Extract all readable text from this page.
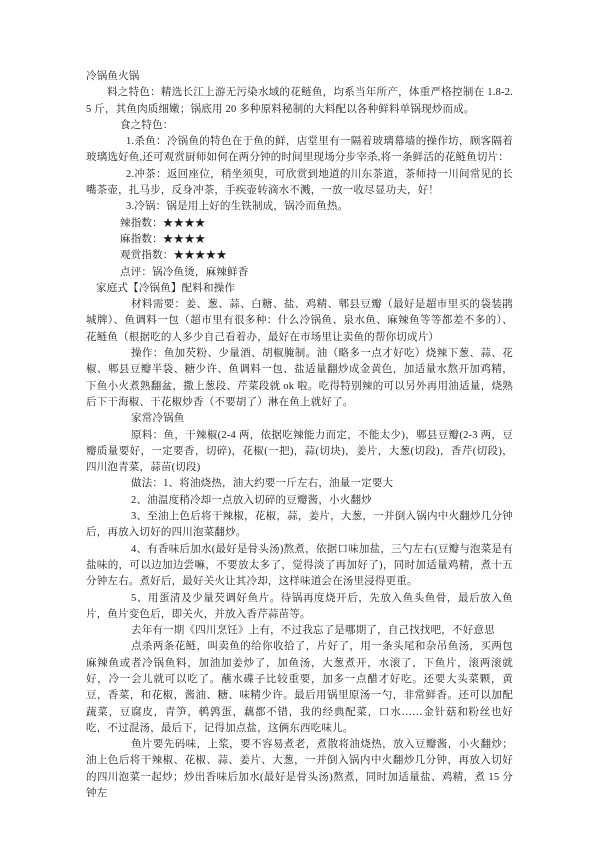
冷锅鱼火锅

料之特色：精选长江上游无污染水域的花鲢鱼，均系当年所产，体重严格控制在 1.8-2.5 斤，其鱼肉质细嫩；锅底用 20 多种原料秘制的大料配以各种鲜料单锅现炒而成。

食之特色：

1.杀鱼：冷锅鱼的特色在于鱼的鲜，店堂里有一隔着玻璃幕墙的操作坊，顾客隔着玻璃选好鱼,还可观赏厨师如何在两分钟的时间里现场分步宰杀,将一条鲜活的花鲢鱼切片：

2.冲茶：返回座位，稍坐须臾，可欣赏到地道的川东茶道，茶师持一川间常见的长嘴茶壶，扎马步，反身冲茶，手疾壶转滴水不溅，一放一收尽显功夫，好！

3.冷锅：锅是用上好的生铁制成，锅冷而鱼热。

辣指数：★★★★

麻指数：★★★★

观赏指数：★★★★★

点评：锅冷鱼烫，麻辣鲜香

家庭式【冷锅鱼】配料和操作

材料需要：姜、葱、蒜、白糖、盐、鸡精、郫县豆瓣（最好是超市里买的袋装鹃城牌）、鱼调料一包（超市里有很多种：什么冷锅鱼、泉水鱼、麻辣鱼等等都差不多的）、花鲢鱼（根据吃的人多少自己看着办，最好在市场里让卖鱼的帮你切成片）

操作：鱼加芡粉、少量酒、胡椒腌制。油（略多一点才好吃）烧辣下葱、蒜、花椒、郫县豆瓣半袋、糖少许、鱼调料一包、盐适量翻炒成金黄色，加适量水熬开加鸡精，下鱼小火煮熟翻盆，撒上葱段、芹菜段就 ok 啦。吃得特别辣的可以另外再用油适量，烧熟后下干海椒、干花椒炒香（不要胡了）淋在鱼上就好了。

家常冷锅鱼

原料：鱼，干辣椒(2-4 两，依据吃辣能力而定，不能太少)，郫县豆瓣(2-3 两，豆瓣质量要好，一定要香，切碎)，花椒(一把)，蒜(切块)，姜片，大葱(切段)，香芹(切段)，四川泡青菜，蒜苗(切段)

做法：1、将油烧热，油大约要一斤左右，油量一定要大

2、油温度稍冷却一点放入切碎的豆瓣酱，小火翻炒

3、至油上色后将干辣椒，花椒，蒜，姜片，大葱，一并倒入锅内中火翻炒几分钟后，再放入切好的四川泡菜翻炒。

4、有香味后加水(最好是骨头汤)熬煮，依据口味加盐，三勺左右(豆瓣与泡菜是有盐味的，可以边加边尝嘛，不要放太多了，觉得淡了再加好了)，同时加适量鸡精，煮十五分钟左右。煮好后，最好关火让其冷却，这样味道会在汤里浸得更重。

5、用蛋清及少量芡调好鱼片。待锅再度烧开后，先放入鱼头鱼骨，最后放入鱼片，鱼片变色后，即关火，并放入香芹蒜苗等。

去年有一期《四川烹饪》上有，不过我忘了是哪期了，自己找找吧，不好意思

点杀两条花鲢，叫卖鱼的给你收拾了，片好了，用一条头尾和杂吊鱼汤，买两包麻辣鱼或者冷锅鱼料，加油加姜炒了，加鱼汤，大葱煮开，水滚了，下鱼片，滚两滚就好，冷一会儿就可以吃了。蘸水碟子比较重要，加多一点醋才好吃。还要大头菜颗，黄豆，香菜，和花椒，酱油、糖、味精少许。最后用锅里原汤一勺，非常鲜香。还可以加配蔬菜，豆腐皮，青笋，鹌鹑蛋，藕都不错，我的经典配菜，口水……金针菇和粉丝也好吃，不过混汤，最后下，记得加点盐，这俩东西吃味儿。

鱼片要先码味，上浆，要不容易煮老，煮散将油烧热，放入豆瓣酱，小火翻炒；油上色后将干辣椒、花椒、蒜、姜片、大葱，一并倒入锅内中火翻炒几分钟，再放入切好的四川泡菜一起炒；炒出香味后加水(最好是骨头汤)熬煮，同时加适量盐、鸡精，煮 15 分钟左
